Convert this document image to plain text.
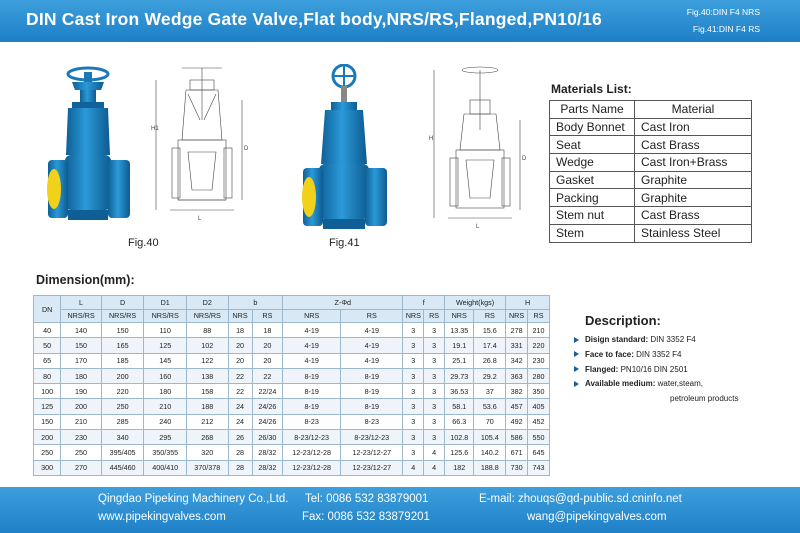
DIN Cast Iron Wedge Gate Valve,Flat body,NRS/RS,Flanged,PN10/16	Fig.40:DIN F4 NRS
Fig.41:DIN F4 RS
Fig.40
H1
D
L
Fig.41
H
D
L
Materials List:
Parts Name	Material
Body Bonnet	Cast Iron
Seat	Cast Brass
Wedge	Cast Iron+Brass
Gasket	Graphite
Packing	Graphite
Stem nut	Cast Brass
Stem	Stainless Steel
Dimension(mm):
DN	L	D	D1	D2	b		Z-Φd		f		Weight(kgs)		H	
	NRS/RS	NRS/RS	NRS/RS	NRS/RS	NRS	RS	NRS	RS	NRS	RS	NRS	RS	NRS	RS
40	140	150	110	88	18	18	4-19	4-19	3	3	13.35	15.6	278	210
50	150	165	125	102	20	20	4-19	4-19	3	3	19.1	17.4	331	220
65	170	185	145	122	20	20	4-19	4-19	3	3	25.1	26.8	342	230
80	180	200	160	138	22	22	8-19	8-19	3	3	29.73	29.2	363	280
100	190	220	180	158	22	22/24	8-19	8-19	3	3	36.53	37	382	350
125	200	250	210	188	24	24/26	8-19	8-19	3	3	58.1	53.6	457	405
150	210	285	240	212	24	24/26	8-23	8-23	3	3	66.3	70	492	452
200	230	340	295	268	26	26/30	8-23/12-23	8-23/12-23	3	3	102.8	105.4	586	550
250	250	395/405	350/355	320	28	28/32	12-23/12-28	12-23/12-27	3	4	125.6	140.2	671	645
300	270	445/460	400/410	370/378	28	28/32	12-23/12-28	12-23/12-27	4	4	182	188.8	730	743
Description:
Disign standard: DIN 3352 F4
Face to face: DIN 3352 F4
Flanged: PN10/16 DIN 2501
Available medium: water,steam,
petroleum products
Qingdao Pipeking Machinery Co.,Ltd.
www.pipekingvalves.com
Tel: 0086 532 83879001
Fax: 0086 532 83879201
E-mail: zhouqs@qd-public.sd.cninfo.net
wang@pipekingvalves.com
